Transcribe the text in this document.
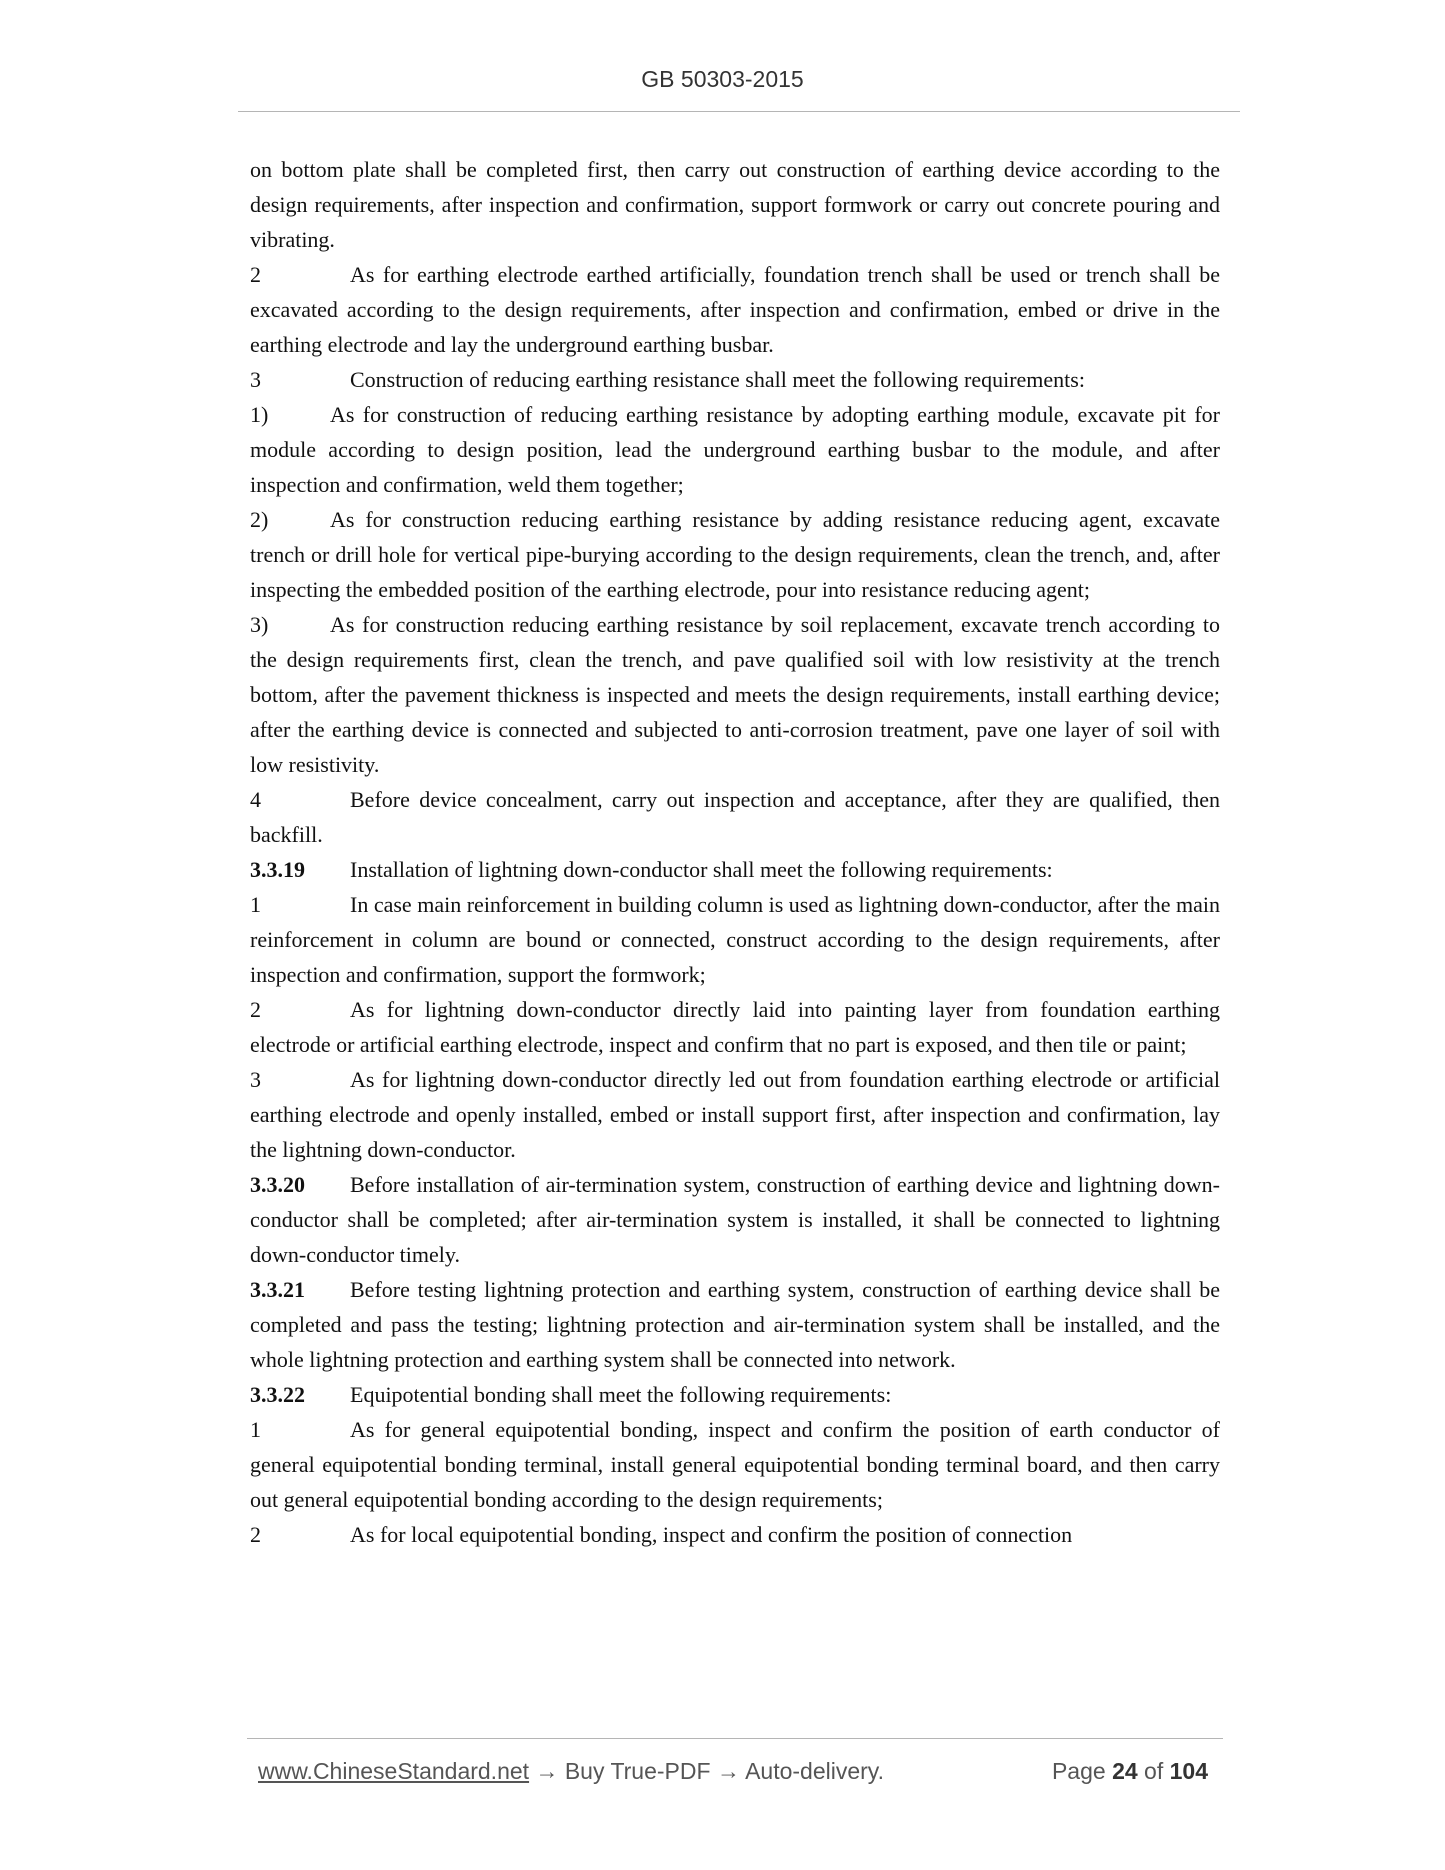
GB 50303-2015

on bottom plate shall be completed first, then carry out construction of earthing device according to the design requirements, after inspection and confirmation, support formwork or carry out concrete pouring and vibrating.

2	As for earthing electrode earthed artificially, foundation trench shall be used or trench shall be excavated according to the design requirements, after inspection and confirmation, embed or drive in the earthing electrode and lay the underground earthing busbar.

3	Construction of reducing earthing resistance shall meet the following requirements:

1)	As for construction of reducing earthing resistance by adopting earthing module, excavate pit for module according to design position, lead the underground earthing busbar to the module, and after inspection and confirmation, weld them together;

2)	As for construction reducing earthing resistance by adding resistance reducing agent, excavate trench or drill hole for vertical pipe-burying according to the design requirements, clean the trench, and, after inspecting the embedded position of the earthing electrode, pour into resistance reducing agent;

3)	As for construction reducing earthing resistance by soil replacement, excavate trench according to the design requirements first, clean the trench, and pave qualified soil with low resistivity at the trench bottom, after the pavement thickness is inspected and meets the design requirements, install earthing device; after the earthing device is connected and subjected to anti-corrosion treatment, pave one layer of soil with low resistivity.

4	Before device concealment, carry out inspection and acceptance, after they are qualified, then backfill.

3.3.19 Installation of lightning down-conductor shall meet the following requirements:

1	In case main reinforcement in building column is used as lightning down-conductor, after the main reinforcement in column are bound or connected, construct according to the design requirements, after inspection and confirmation, support the formwork;

2	As for lightning down-conductor directly laid into painting layer from foundation earthing electrode or artificial earthing electrode, inspect and confirm that no part is exposed, and then tile or paint;

3	As for lightning down-conductor directly led out from foundation earthing electrode or artificial earthing electrode and openly installed, embed or install support first, after inspection and confirmation, lay the lightning down-conductor.

3.3.20 Before installation of air-termination system, construction of earthing device and lightning down-conductor shall be completed; after air-termination system is installed, it shall be connected to lightning down-conductor timely.

3.3.21 Before testing lightning protection and earthing system, construction of earthing device shall be completed and pass the testing; lightning protection and air-termination system shall be installed, and the whole lightning protection and earthing system shall be connected into network.

3.3.22 Equipotential bonding shall meet the following requirements:

1	As for general equipotential bonding, inspect and confirm the position of earth conductor of general equipotential bonding terminal, install general equipotential bonding terminal board, and then carry out general equipotential bonding according to the design requirements;

2	As for local equipotential bonding, inspect and confirm the position of connection

www.ChineseStandard.net → Buy True-PDF → Auto-delivery.	Page 24 of 104
